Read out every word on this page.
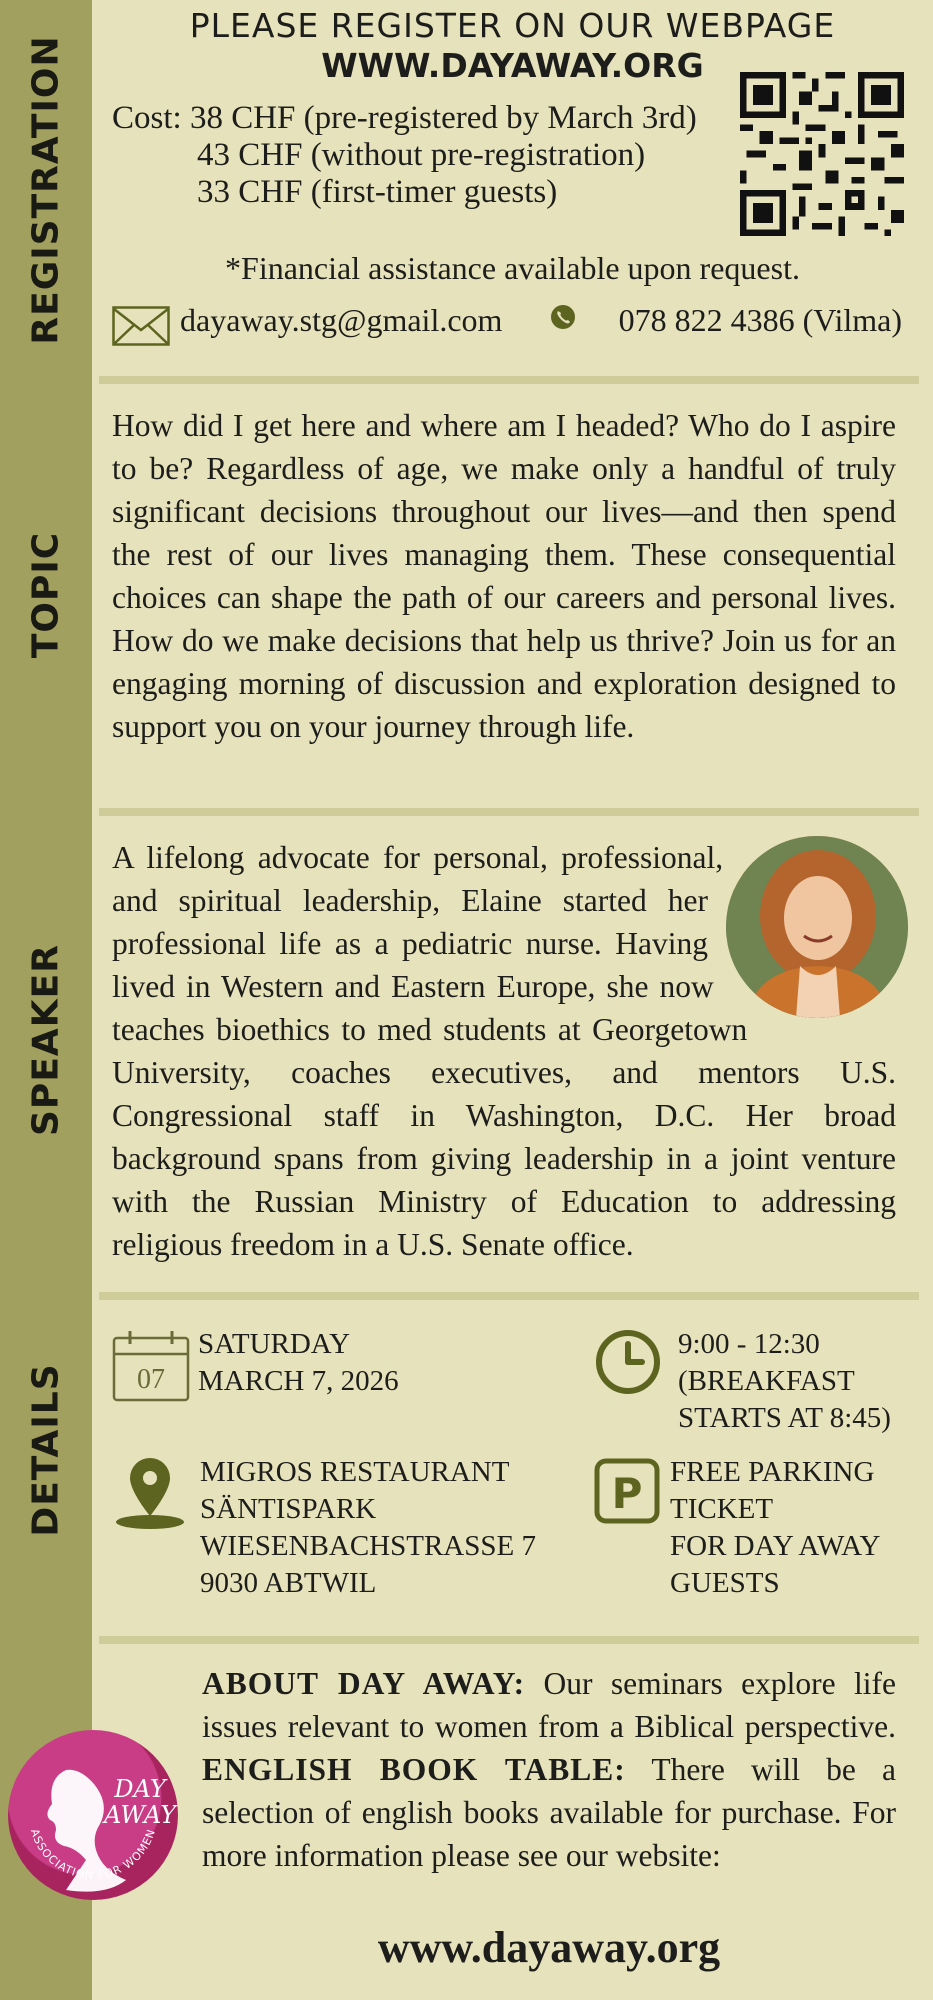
REGISTRATION
TOPIC
SPEAKER
DETAILS
PLEASE REGISTER ON OUR WEBPAGE
WWW.DAYAWAY.ORG
Cost: 38 CHF (pre-registered by March 3rd)
43 CHF (without pre-registration)
33 CHF (first-timer guests)
*Financial assistance available upon request.
dayaway.stg@gmail.com	078 822 4386 (Vilma)

How did I get here and where am I headed? Who do I aspire to be? Regardless of age, we make only a handful of truly significant decisions throughout our lives—and then spend the rest of our lives managing them. These consequential choices can shape the path of our careers and personal lives. How do we make decisions that help us thrive? Join us for an engaging morning of discussion and exploration designed to support you on your journey through life.

A lifelong advocate for personal, professional, and spiritual leadership, Elaine started her professional life as a pediatric nurse. Having lived in Western and Eastern Europe, she now teaches bioethics to med students at Georgetown University, coaches executives, and mentors U.S. Congressional staff in Washington, D.C. Her broad background spans from giving leadership in a joint venture with the Russian Ministry of Education to addressing religious freedom in a U.S. Senate office.

07
SATURDAY
MARCH 7, 2026
9:00 - 12:30
(BREAKFAST
STARTS AT 8:45)
MIGROS RESTAURANT
SÄNTISPARK
WIESENBACHSTRASSE 7
9030 ABTWIL
P FREE PARKING
TICKET
FOR DAY AWAY
GUESTS
ASSOCIATION FOR WOMEN
DAY
AWAY

ABOUT DAY AWAY: Our seminars explore life issues relevant to women from a Biblical perspective. ENGLISH BOOK TABLE: There will be a selection of english books available for purchase. For more information please see our website:

www.dayaway.org
